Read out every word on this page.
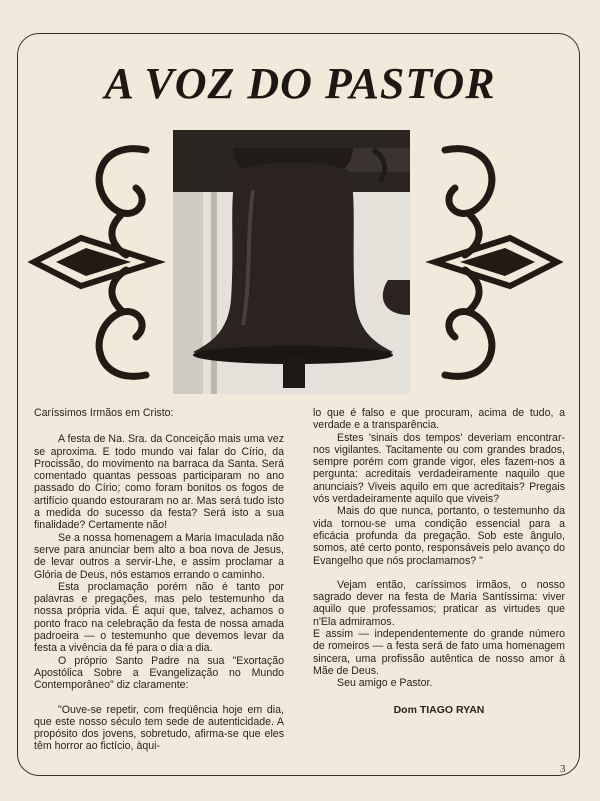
A VOZ DO PASTOR

Caríssimos Irmãos em Cristo:

A festa de Na. Sra. da Conceição mais uma vez se aproxima. E todo mundo vai falar do Círio, da Procissão, do movimento na barraca da Santa. Será comentado quantas pessoas participaram no ano passado do Círio; como foram bonitos os fogos de artifício quando estouraram no ar. Mas será tudo isto a medida do sucesso da festa? Será isto a sua finalidade? Certamente não!

Se a nossa homenagem a Maria Imaculada não serve para anunciar bem alto a boa nova de Jesus, de levar outros a servir-Lhe, e assim proclamar a Glória de Deus, nós estamos errando o caminho.

Esta proclamação porém não é tanto por palavras e pregações, mas pelo testemunho da nossa própria vida. É aqui que, talvez, achamos o ponto fraco na celebração da festa de nossa amada padroeira — o testemunho que devemos levar da festa a vivência da fé para o dia a dia.

O próprio Santo Padre na sua "Exortação Apostólica Sobre a Evangelização no Mundo Contemporâneo" diz claramente:

"Ouve-se repetir, com freqüência hoje em dia, que este nosso século tem sede de autenticidade. A propósito dos jovens, sobretudo, afirma-se que eles têm horror ao fictício, àqui-

lo que é falso e que procuram, acima de tudo, a verdade e a transparência.

Estes 'sinais dos tempos' deveriam encontrar-nos vigilantes. Tacitamente ou com grandes brados, sempre porém com grande vigor, eles fazem-nos a pergunta: acreditais verdadeiramente naquilo que anunciais? Viveis aquilo em que acreditais? Pregais vós verdadeiramente aquilo que viveis?

Mais do que nunca, portanto, o testemunho da vida tornou-se uma condição essencial para a eficácia profunda da pregação. Sob este ângulo, somos, até certo ponto, responsáveis pelo avanço do Evangelho que nós proclamamos? "

Vejam então, caríssimos irmãos, o nosso sagrado dever na festa de Maria Santíssima: viver aquilo que professamos; praticar as virtudes que n'Ela admiramos.

E assim — independentemente do grande número de romeiros — a festa será de fato uma homenagem sincera, uma profissão autêntica de nosso amor à Mãe de Deus.

Seu amigo e Pastor.

Dom TIAGO RYAN
3
